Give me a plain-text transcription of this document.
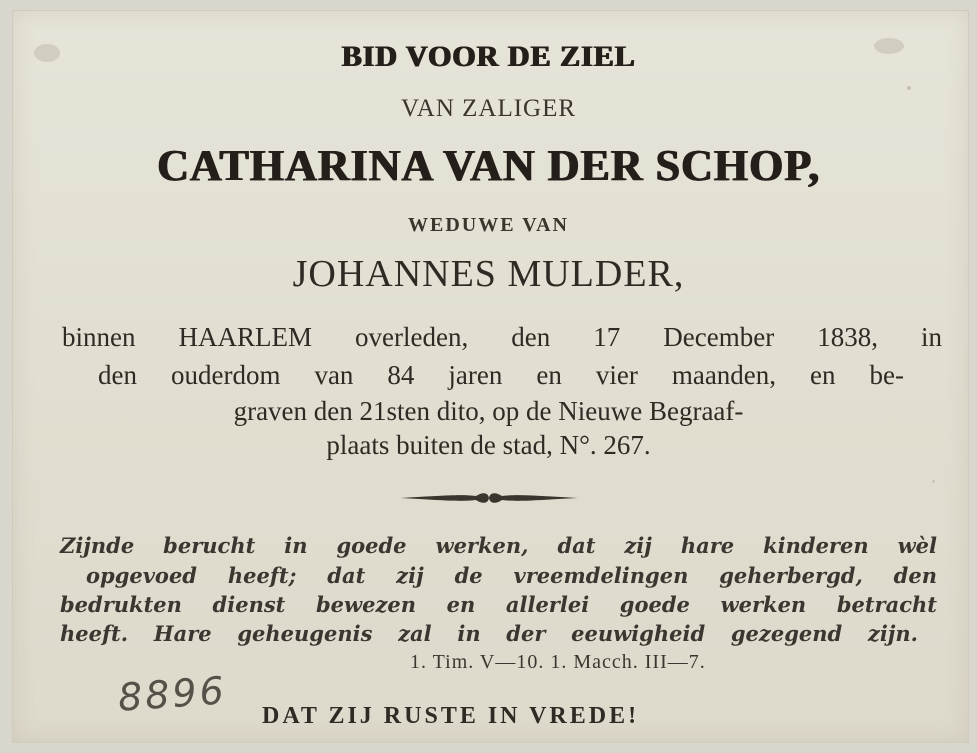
BID VOOR DE ZIEL
VAN ZALIGER
CATHARINA VAN DER SCHOP,
WEDUWE VAN
JOHANNES MULDER,
binnen HAARLEM overleden, den 17 December 1838, in
den ouderdom van 84 jaren en vier maanden, en be-
graven den 21sten dito, op de Nieuwe Begraaf-
plaats buiten de stad, N°. 267.
Zijnde berucht in goede werken, dat zij hare kinderen wèl
opgevoed heeft; dat zij de vreemdelingen geherbergd, den
bedrukten dienst bewezen en allerlei goede werken betracht
heeft. Hare geheugenis zal in der eeuwigheid gezegend zijn.
1. Tim. V—10. 1. Macch. III—7.
8896 DAT ZIJ RUSTE IN VREDE!
